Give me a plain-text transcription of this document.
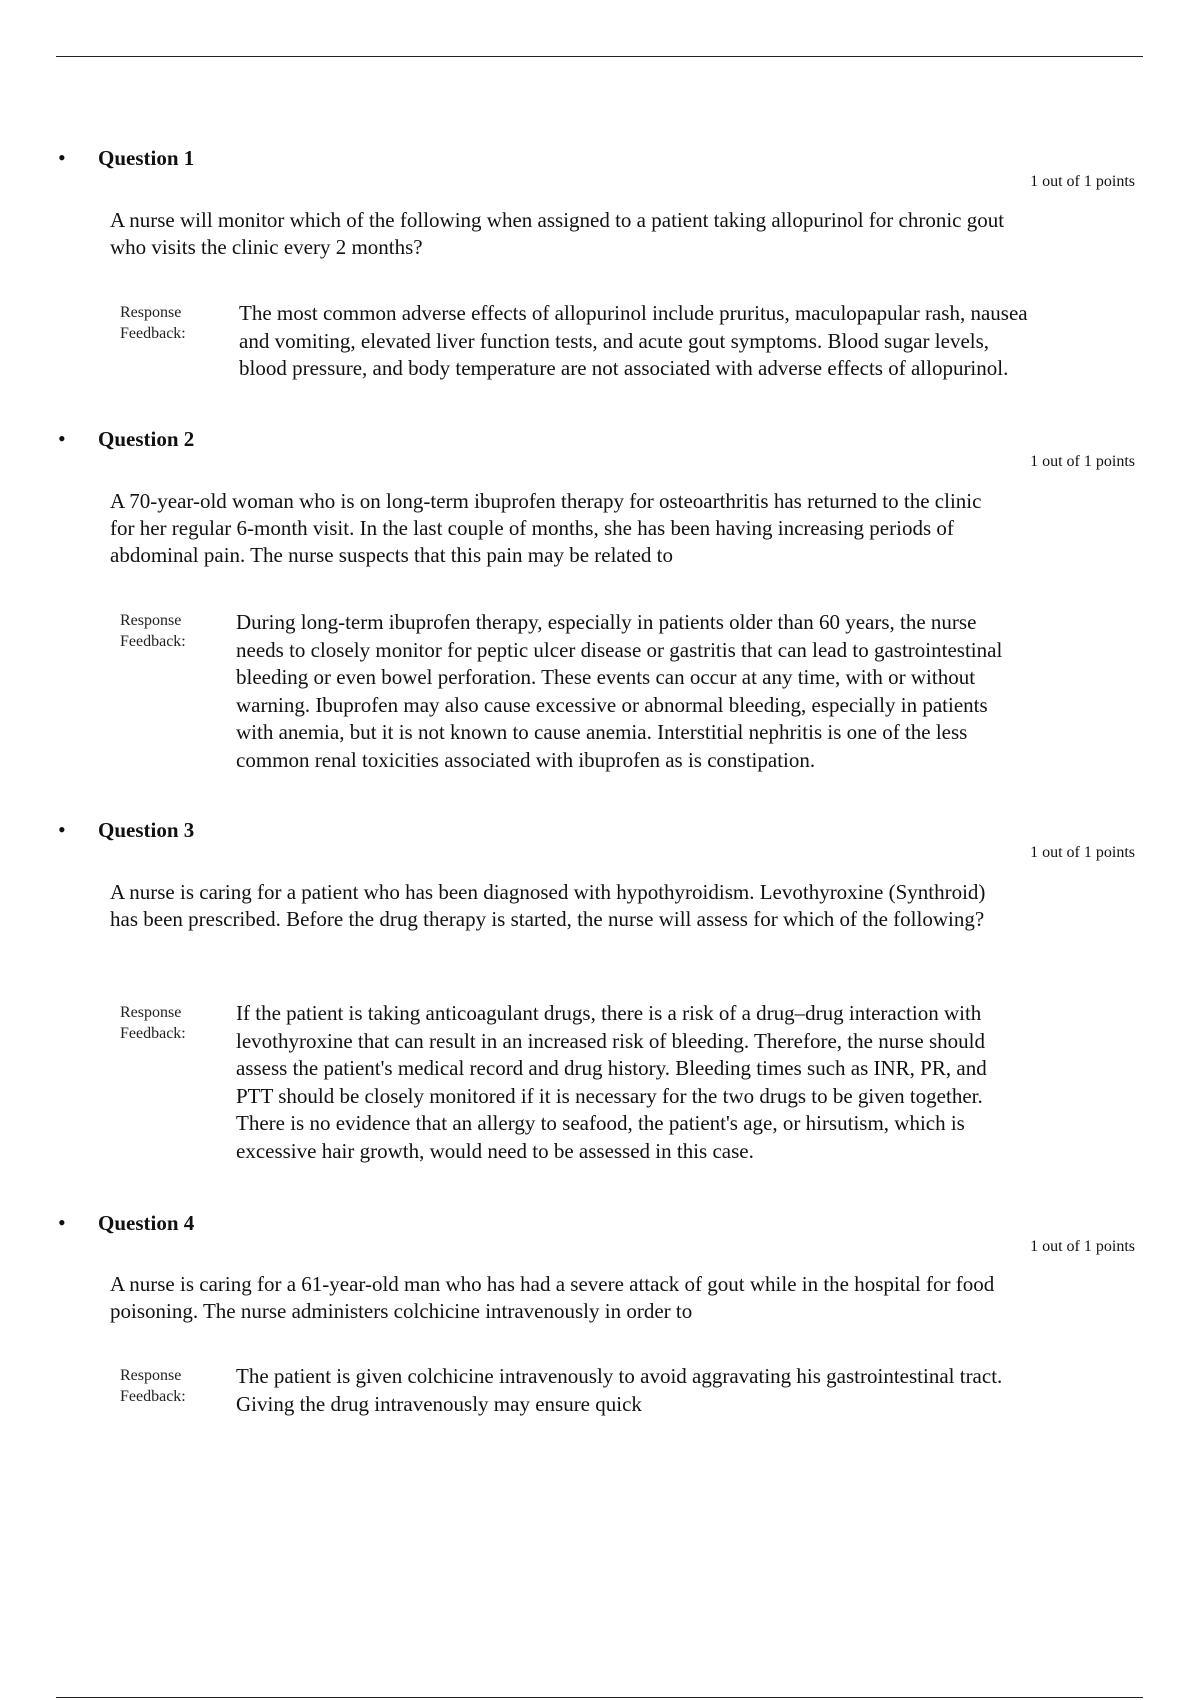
• Question 1
1 out of 1 points
A nurse will monitor which of the following when assigned to a patient taking allopurinol for chronic gout who visits the clinic every 2 months?
Response Feedback:
The most common adverse effects of allopurinol include pruritus, maculopapular rash, nausea and vomiting, elevated liver function tests, and acute gout symptoms. Blood sugar levels, blood pressure, and body temperature are not associated with adverse effects of allopurinol.
• Question 2
1 out of 1 points
A 70-year-old woman who is on long-term ibuprofen therapy for osteoarthritis has returned to the clinic for her regular 6-month visit. In the last couple of months, she has been having increasing periods of abdominal pain. The nurse suspects that this pain may be related to
Response Feedback:
During long-term ibuprofen therapy, especially in patients older than 60 years, the nurse needs to closely monitor for peptic ulcer disease or gastritis that can lead to gastrointestinal bleeding or even bowel perforation. These events can occur at any time, with or without warning. Ibuprofen may also cause excessive or abnormal bleeding, especially in patients with anemia, but it is not known to cause anemia. Interstitial nephritis is one of the less common renal toxicities associated with ibuprofen as is constipation.
• Question 3
1 out of 1 points
A nurse is caring for a patient who has been diagnosed with hypothyroidism. Levothyroxine (Synthroid) has been prescribed. Before the drug therapy is started, the nurse will assess for which of the following?
Response Feedback:
If the patient is taking anticoagulant drugs, there is a risk of a drug–drug interaction with levothyroxine that can result in an increased risk of bleeding. Therefore, the nurse should assess the patient's medical record and drug history. Bleeding times such as INR, PR, and PTT should be closely monitored if it is necessary for the two drugs to be given together. There is no evidence that an allergy to seafood, the patient's age, or hirsutism, which is excessive hair growth, would need to be assessed in this case.
• Question 4
1 out of 1 points
A nurse is caring for a 61-year-old man who has had a severe attack of gout while in the hospital for food poisoning. The nurse administers colchicine intravenously in order to
Response Feedback:
The patient is given colchicine intravenously to avoid aggravating his gastrointestinal tract. Giving the drug intravenously may ensure quick
